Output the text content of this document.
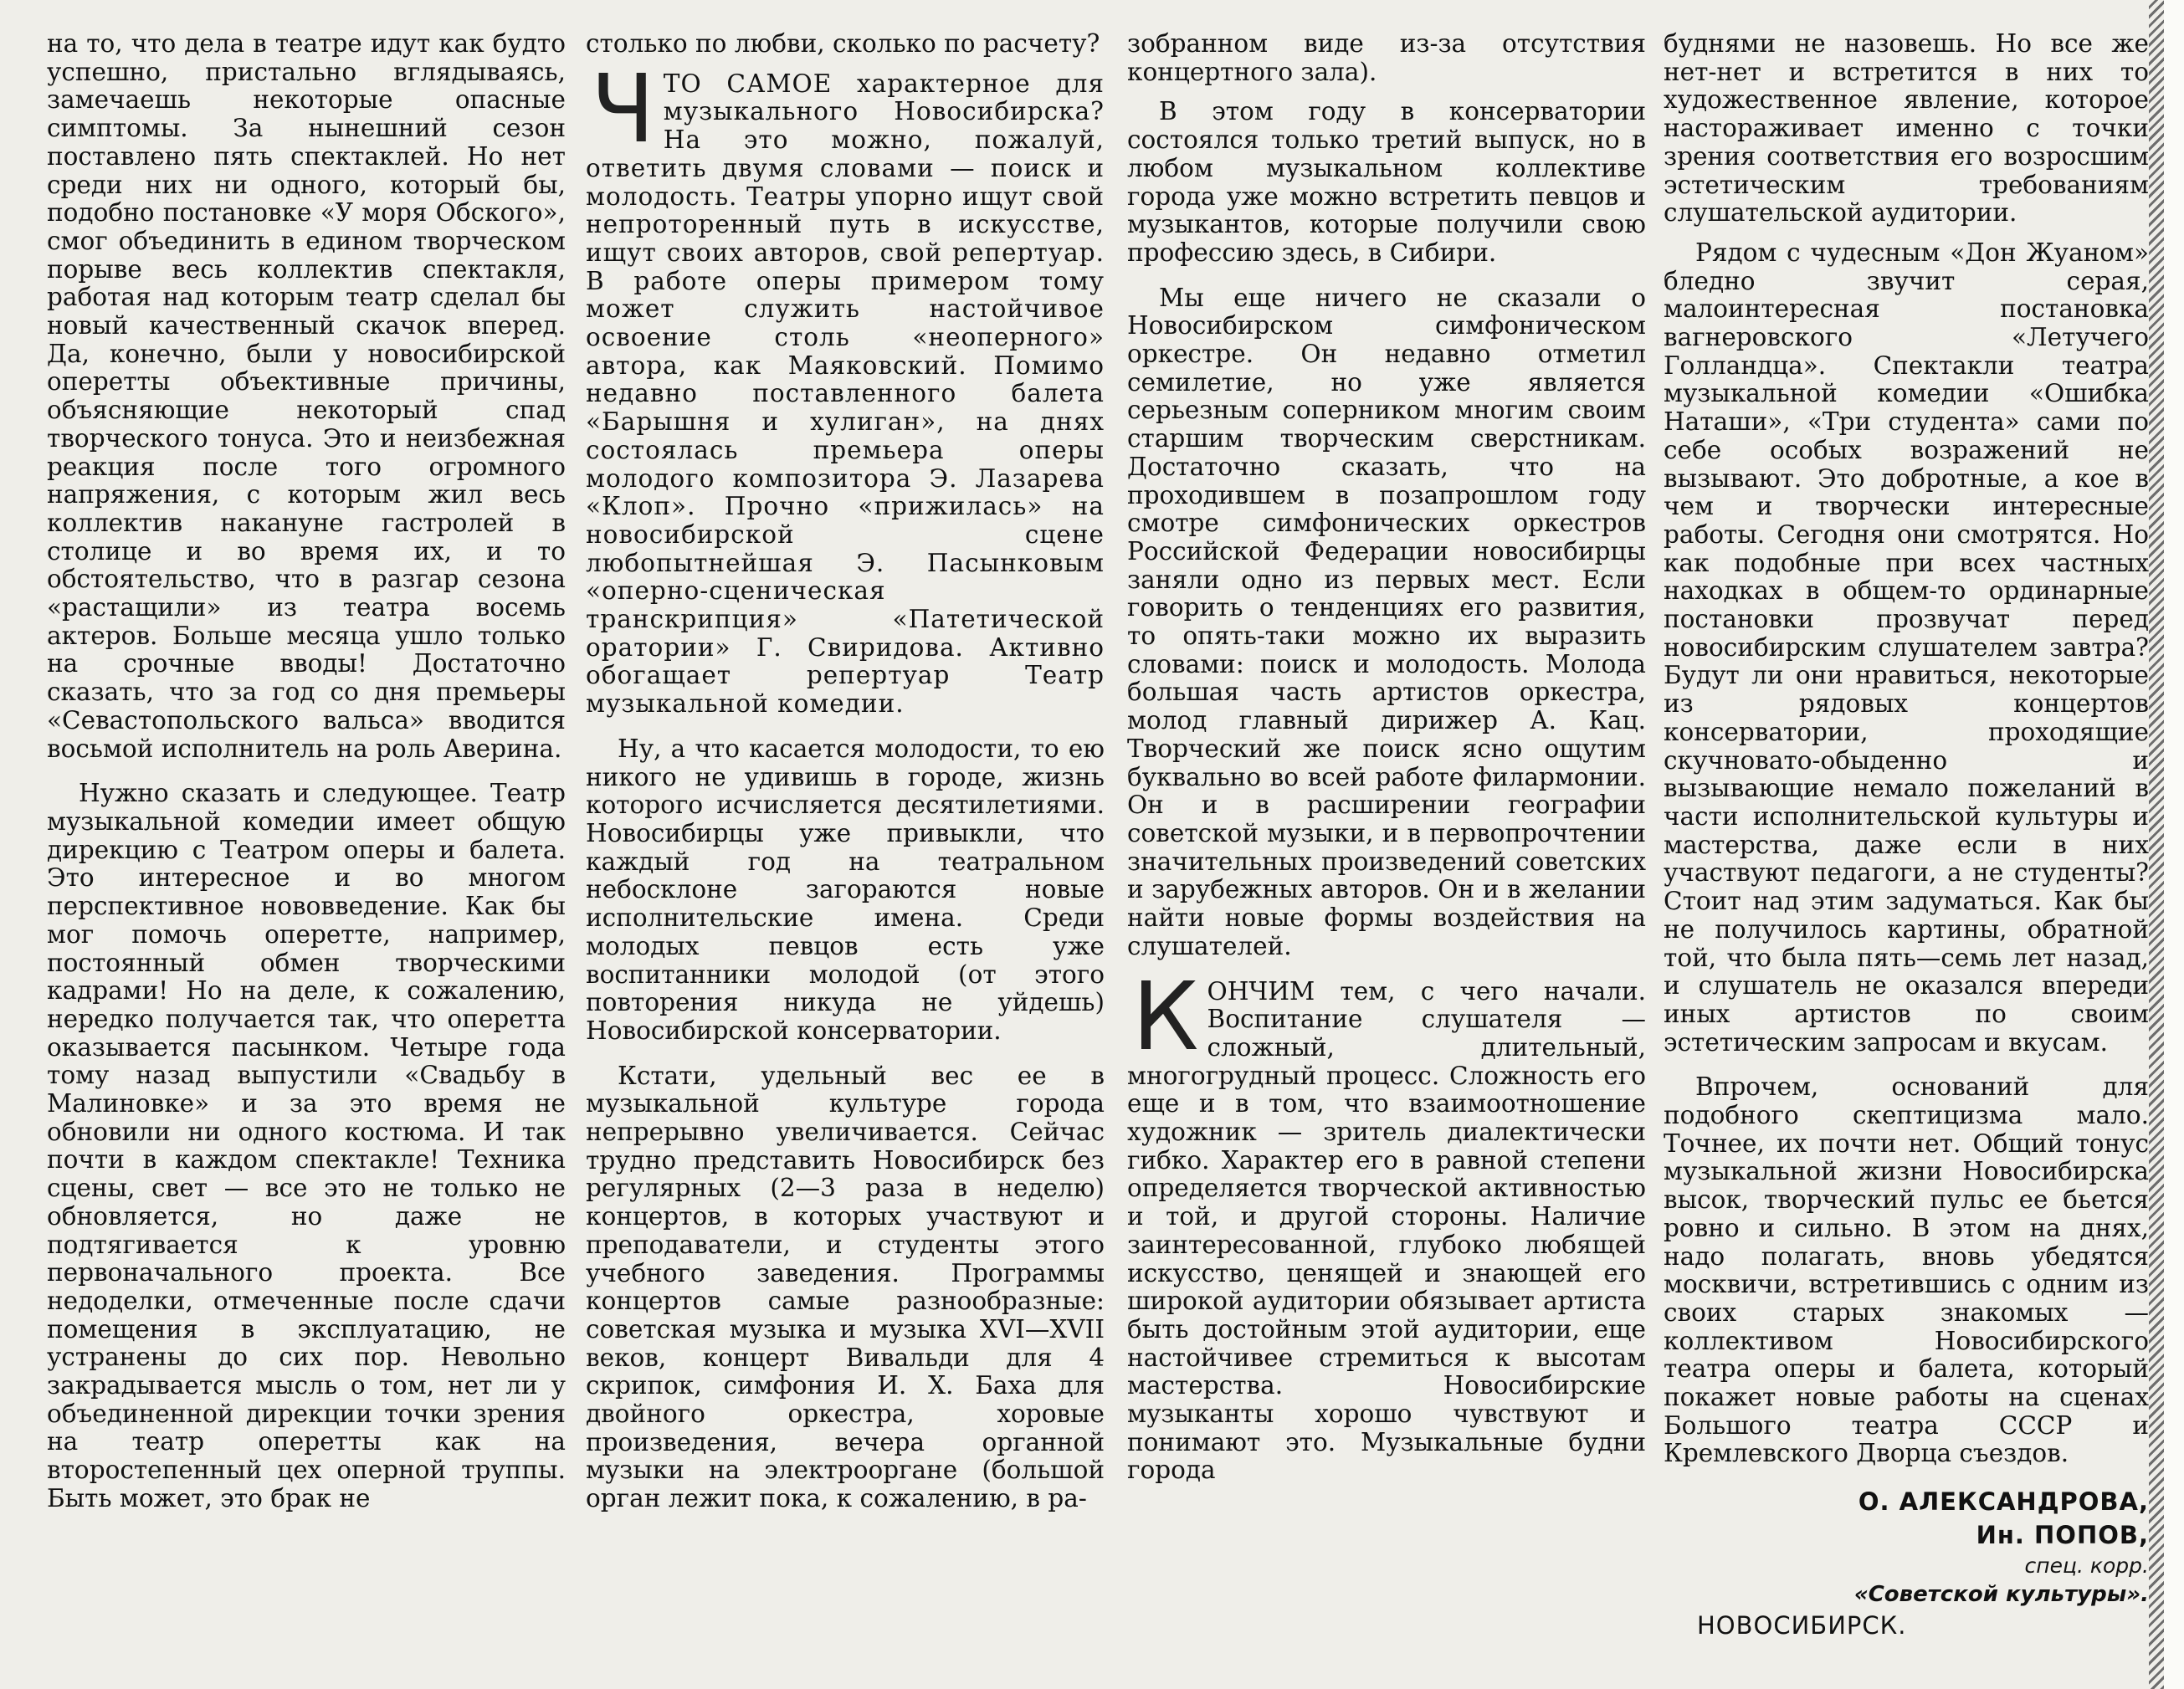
на то, что дела в театре идут как будто успешно, пристально вглядываясь, замечаешь некоторые опасные симптомы. За нынешний сезон поставлено пять спектаклей. Но нет среди них ни одного, который бы, подобно постановке «У моря Обского», смог объединить в едином творческом порыве весь коллектив спектакля, работая над которым театр сделал бы новый качественный скачок вперед. Да, конечно, были у новосибирской оперетты объективные причины, объясняющие некоторый спад творческого тонуса. Это и неизбежная реакция после того огромного напряжения, с которым жил весь коллектив накануне гастролей в столице и во время их, и то обстоятельство, что в разгар сезона «растащили» из театра восемь актеров. Больше месяца ушло только на срочные вводы! Достаточно сказать, что за год со дня премьеры «Севастопольского вальса» вводится восьмой исполнитель на роль Аверина.

Нужно сказать и следующее. Театр музыкальной комедии имеет общую дирекцию с Театром оперы и балета. Это интересное и во многом перспективное нововведение. Как бы мог помочь оперетте, например, постоянный обмен творческими кадрами! Но на деле, к сожалению, нередко получается так, что оперетта оказывается пасынком. Четыре года тому назад выпустили «Свадьбу в Малиновке» и за это время не обновили ни одного костюма. И так почти в каждом спектакле! Техника сцены, свет — все это не только не обновляется, но даже не подтягивается к уровню первоначального проекта. Все недоделки, отмеченные после сдачи помещения в эксплуатацию, не устранены до сих пор. Невольно закрадывается мысль о том, нет ли у объединенной дирекции точки зрения на театр оперетты как на второстепенный цех оперной труппы. Быть может, это брак не

столько по любви, сколько по расчету?

ЧТО САМОЕ характерное для музыкального Новосибирска? На это можно, пожалуй, ответить двумя словами — поиск и молодость. Театры упорно ищут свой непроторенный путь в искусстве, ищут своих авторов, свой репертуар. В работе оперы примером тому может служить настойчивое освоение столь «неоперного» автора, как Маяковский. Помимо недавно поставленного балета «Барышня и хулиган», на днях состоялась премьера оперы молодого композитора Э. Лазарева «Клоп». Прочно «прижилась» на новосибирской сцене любопытнейшая Э. Пасынковым «оперно-сценическая транскрипция» «Патетической оратории» Г. Свиридова. Активно обогащает репертуар Театр музыкальной комедии.

Ну, а что касается молодости, то ею никого не удивишь в городе, жизнь которого исчисляется десятилетиями. Новосибирцы уже привыкли, что каждый год на театральном небосклоне загораются новые исполнительские имена. Среди молодых певцов есть уже воспитанники молодой (от этого повторения никуда не уйдешь) Новосибирской консерватории.

Кстати, удельный вес ее в музыкальной культуре города непрерывно увеличивается. Сейчас трудно представить Новосибирск без регулярных (2—3 раза в неделю) концертов, в которых участвуют и преподаватели, и студенты этого учебного заведения. Программы концертов самые разнообразные: советская музыка и музыка XVI—XVII веков, концерт Вивальди для 4 скрипок, симфония И. Х. Баха для двойного оркестра, хоровые произведения, вечера органной музыки на электрооргане (большой орган лежит пока, к сожалению, в ра-

зобранном виде из-за отсутствия концертного зала).

В этом году в консерватории состоялся только третий выпуск, но в любом музыкальном коллективе города уже можно встретить певцов и музыкантов, которые получили свою профессию здесь, в Сибири.

Мы еще ничего не сказали о Новосибирском симфоническом оркестре. Он недавно отметил семилетие, но уже является серьезным соперником многим своим старшим творческим сверстникам. Достаточно сказать, что на проходившем в позапрошлом году смотре симфонических оркестров Российской Федерации новосибирцы заняли одно из первых мест. Если говорить о тенденциях его развития, то опять-таки можно их выразить словами: поиск и молодость. Молода большая часть артистов оркестра, молод главный дирижер А. Кац. Творческий же поиск ясно ощутим буквально во всей работе филармонии. Он и в расширении географии советской музыки, и в первопрочтении значительных произведений советских и зарубежных авторов. Он и в желании найти новые формы воздействия на слушателей.

КОНЧИМ тем, с чего начали. Воспитание слушателя — сложный, длительный, многогрудный процесс. Сложность его еще и в том, что взаимоотношение художник — зритель диалектически гибко. Характер его в равной степени определяется творческой активностью и той, и другой стороны. Наличие заинтересованной, глубоко любящей искусство, ценящей и знающей его широкой аудитории обязывает артиста быть достойным этой аудитории, еще настойчивее стремиться к высотам мастерства. Новосибирские музыканты хорошо чувствуют и понимают это. Музыкальные будни города

буднями не назовешь. Но все же нет-нет и встретится в них то художественное явление, которое настораживает именно с точки зрения соответствия его возросшим эстетическим требованиям слушательской аудитории.

Рядом с чудесным «Дон Жуаном» бледно звучит серая, малоинтересная постановка вагнеровского «Летучего Голландца». Спектакли театра музыкальной комедии «Ошибка Наташи», «Три студента» сами по себе особых возражений не вызывают. Это добротные, а кое в чем и творчески интересные работы. Сегодня они смотрятся. Но как подобные при всех частных находках в общем-то ординарные постановки прозвучат перед новосибирским слушателем завтра? Будут ли они нравиться, некоторые из рядовых концертов консерватории, проходящие скучновато-обыденно и вызывающие немало пожеланий в части исполнительской культуры и мастерства, даже если в них участвуют педагоги, а не студенты? Стоит над этим задуматься. Как бы не получилось картины, обратной той, что была пять—семь лет назад, и слушатель не оказался впереди иных артистов по своим эстетическим запросам и вкусам.

Впрочем, оснований для подобного скептицизма мало. Точнее, их почти нет. Общий тонус музыкальной жизни Новосибирска высок, творческий пульс ее бьется ровно и сильно. В этом на днях, надо полагать, вновь убедятся москвичи, встретившись с одним из своих старых знакомых — коллективом Новосибирского театра оперы и балета, который покажет новые работы на сценах Большого театра СССР и Кремлевского Дворца съездов.

О. АЛЕКСАНДРОВА,
Ин. ПОПОВ,
спец. корр.
«Советской культуры».
НОВОСИБИРСК.
